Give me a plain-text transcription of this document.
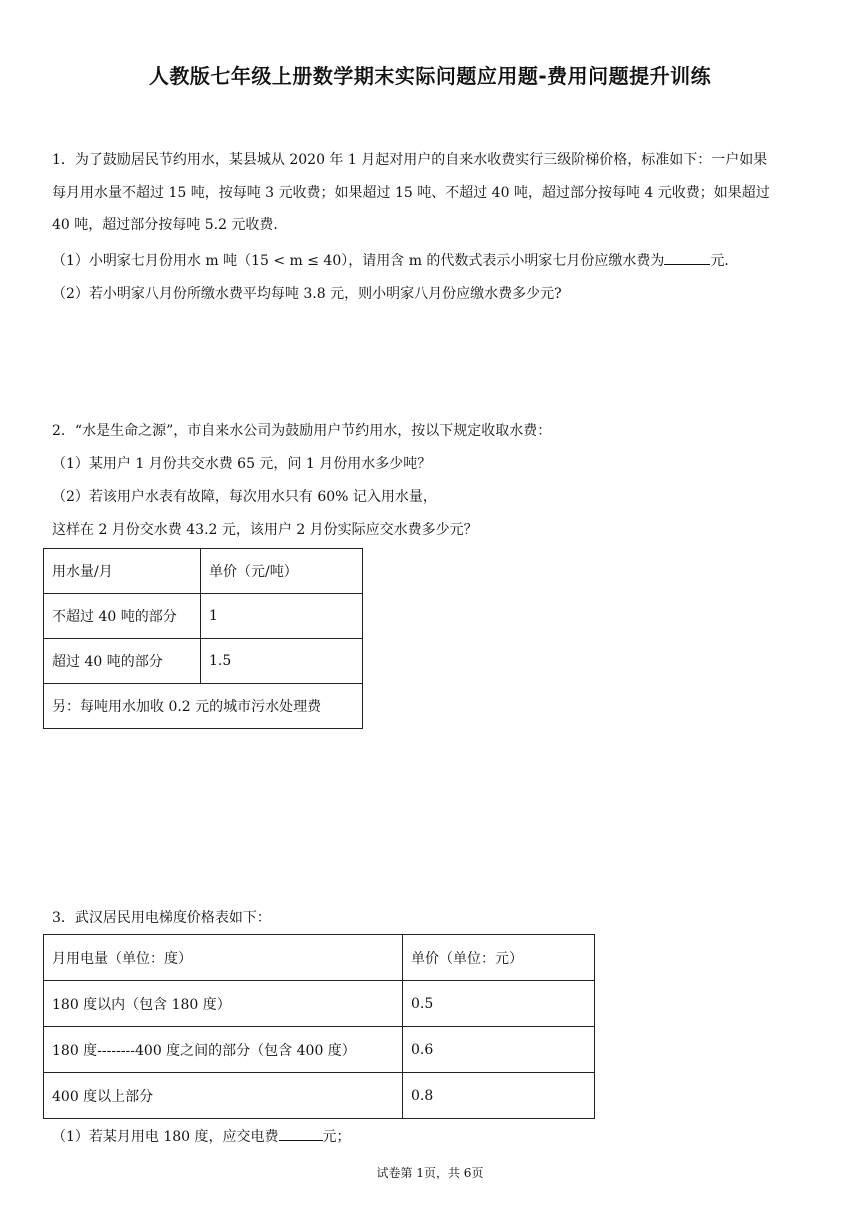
人教版七年级上册数学期末实际问题应用题-费用问题提升训练
1．为了鼓励居民节约用水，某县城从 2020 年 1 月起对用户的自来水收费实行三级阶梯价格，标准如下：一户如果
每月用水量不超过 15 吨，按每吨 3 元收费；如果超过 15 吨、不超过 40 吨，超过部分按每吨 4 元收费；如果超过
40 吨，超过部分按每吨 5.2 元收费．
（1）小明家七月份用水 m 吨（15 < m ≤ 40），请用含 m 的代数式表示小明家七月份应缴水费为	元．
（2）若小明家八月份所缴水费平均每吨 3.8 元，则小明家八月份应缴水费多少元?
2．“水是生命之源”，市自来水公司为鼓励用户节约用水，按以下规定收取水费：
（1）某用户 1 月份共交水费 65 元，问 1 月份用水多少吨？
（2）若该用户水表有故障，每次用水只有 60% 记入用水量，
这样在 2 月份交水费 43.2 元，该用户 2 月份实际应交水费多少元？
用水量/月	单价（元/吨）
不超过 40 吨的部分	1
超过 40 吨的部分	1.5
另：每吨用水加收 0.2 元的城市污水处理费	
3．武汉居民用电梯度价格表如下：
月用电量（单位：度）	单价（单位：元）
180 度以内（包含 180 度）	0.5
180 度--------400 度之间的部分（包含 400 度）	0.6
400 度以上部分	0.8
（1）若某月用电 180 度，应交电费	元；
试卷第 1页，共 6页
